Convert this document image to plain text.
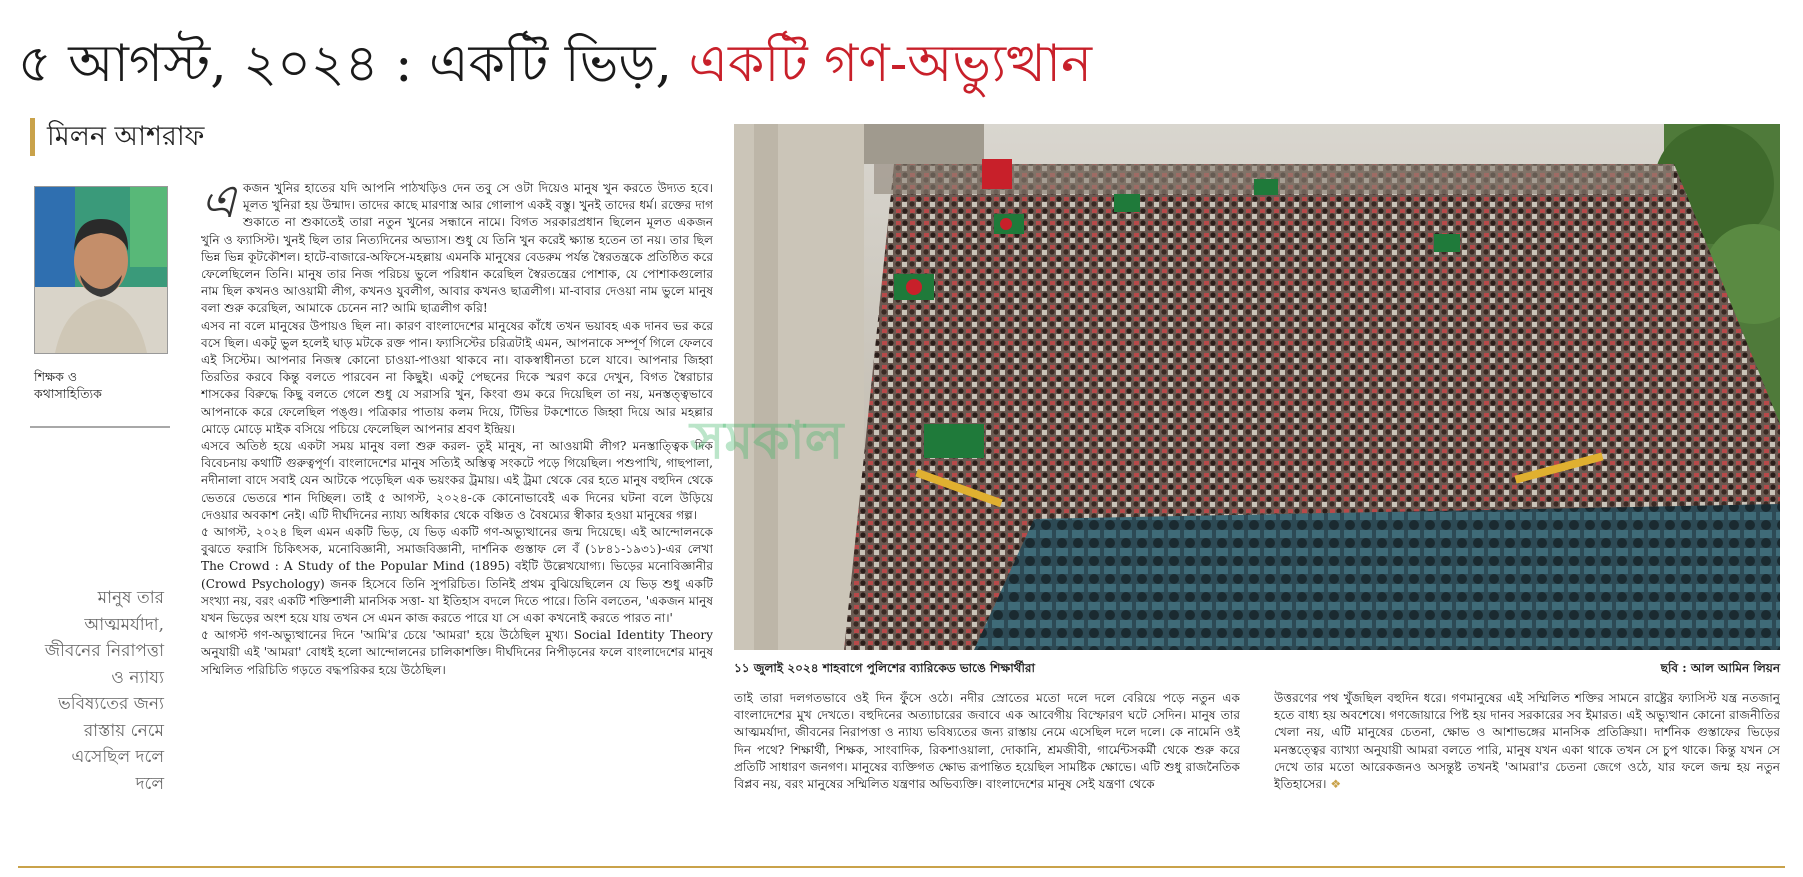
৫ আগস্ট, ২০২৪ : একটি ভিড়, একটি গণ-অভ্যুত্থান
মিলন আশরাফ
শিক্ষক ও
কথাসাহিত্যিক
মানুষ তার আত্মমর্যাদা, জীবনের নিরাপত্তা ও ন্যায্য ভবিষ্যতের জন্য রাস্তায় নেমে এসেছিল দলে দলে

একজন খুনির হাতের যদি আপনি পাঠখড়িও দেন তবু সে ওটা দিয়েও মানুষ খুন করতে উদ্যত হবে। মূলত খুনিরা হয় উন্মাদ। তাদের কাছে মারণাস্ত্র আর গোলাপ একই বস্তু। খুনই তাদের ধর্ম। রক্তের দাগ শুকাতে না শুকাতেই তারা নতুন খুনের সন্ধানে নামে। বিগত সরকারপ্রধান ছিলেন মূলত একজন খুনি ও ফ্যাসিস্ট। খুনই ছিল তার নিত্যদিনের অভ্যাস। শুধু যে তিনি খুন করেই ক্ষ্যান্ত হতেন তা নয়। তার ছিল ভিন্ন ভিন্ন কূটকৌশল। হাটে-বাজারে-অফিসে-মহল্লায় এমনকি মানুষের বেডরুম পর্যন্ত স্বৈরতন্ত্রকে প্রতিষ্ঠিত করে ফেলেছিলেন তিনি। মানুষ তার নিজ পরিচয় ভুলে পরিধান করেছিল স্বৈরতন্ত্রের পোশাক, যে পোশাকগুলোর নাম ছিল কখনও আওয়ামী লীগ, কখনও যুবলীগ, আবার কখনও ছাত্রলীগ। মা-বাবার দেওয়া নাম ভুলে মানুষ বলা শুরু করেছিল, আমাকে চেনেন না? আমি ছাত্রলীগ করি!

এসব না বলে মানুষের উপায়ও ছিল না। কারণ বাংলাদেশের মানুষের কাঁধে তখন ভয়াবহ এক দানব ভর করে বসে ছিল। একটু ভুল হলেই ঘাড় মটকে রক্ত পান। ফ্যাসিস্টের চরিত্রটাই এমন, আপনাকে সম্পূর্ণ গিলে ফেলবে এই সিস্টেম। আপনার নিজস্ব কোনো চাওয়া-পাওয়া থাকবে না। বাকস্বাধীনতা চলে যাবে। আপনার জিহ্বা তিরতির করবে কিন্তু বলতে পারবেন না কিছুই। একটু পেছনের দিকে স্মরণ করে দেখুন, বিগত স্বৈরাচার শাসকের বিরুদ্ধে কিছু বলতে গেলে শুধু যে সরাসরি খুন, কিংবা গুম করে দিয়েছিল তা নয়, মনস্তত্ত্বভাবে আপনাকে করে ফেলেছিল পঙ্গু। পত্রিকার পাতায় কলম দিয়ে, টিভির টকশোতে জিহ্বা দিয়ে আর মহল্লার মোড়ে মোড়ে মাইক বসিয়ে পচিয়ে ফেলেছিল আপনার শ্রবণ ইন্দ্রিয়।

এসবে অতিষ্ঠ হয়ে একটা সময় মানুষ বলা শুরু করল- তুই মানুষ, না আওয়ামী লীগ? মনস্তাত্ত্বিক দিক বিবেচনায় কথাটি গুরুত্বপূর্ণ। বাংলাদেশের মানুষ সত্যিই অস্তিত্ব সংকটে পড়ে গিয়েছিল। পশুপাখি, গাছপালা, নদীনালা বাদে সবাই যেন আটকে পড়েছিল এক ভয়ংকর ট্রমায়। এই ট্রমা থেকে বের হতে মানুষ বহুদিন থেকে ভেতরে ভেতরে শান দিচ্ছিল। তাই ৫ আগস্ট, ২০২৪-কে কোনোভাবেই এক দিনের ঘটনা বলে উড়িয়ে দেওয়ার অবকাশ নেই। এটি দীর্ঘদিনের ন্যায্য অধিকার থেকে বঞ্চিত ও বৈষম্যের স্বীকার হওয়া মানুষের গল্প।

৫ আগস্ট, ২০২৪ ছিল এমন একটি ভিড়, যে ভিড় একটি গণ-অভ্যুত্থানের জন্ম দিয়েছে। এই আন্দোলনকে বুঝতে ফরাসি চিকিৎসক, মনোবিজ্ঞানী, সমাজবিজ্ঞানী, দার্শনিক গুস্তাফ লে বঁ (১৮৪১-১৯৩১)-এর লেখা The Crowd : A Study of the Popular Mind (1895) বইটি উল্লেখযোগ্য। ভিড়ের মনোবিজ্ঞানীর (Crowd Psychology) জনক হিসেবে তিনি সুপরিচিত। তিনিই প্রথম বুঝিয়েছিলেন যে ভিড় শুধু একটি সংখ্যা নয়, বরং একটি শক্তিশালী মানসিক সত্তা- যা ইতিহাস বদলে দিতে পারে। তিনি বলতেন, 'একজন মানুষ যখন ভিড়ের অংশ হয়ে যায় তখন সে এমন কাজ করতে পারে যা সে একা কখনোই করতে পারত না।'

৫ আগস্ট গণ-অভ্যুত্থানের দিনে 'আমি'র চেয়ে 'আমরা' হয়ে উঠেছিল মুখ্য। Social Identity Theory অনুযায়ী এই 'আমরা' বোধই হলো আন্দোলনের চালিকাশক্তি। দীর্ঘদিনের নিপীড়নের ফলে বাংলাদেশের মানুষ সম্মিলিত পরিচিতি গড়তে বদ্ধপরিকর হয়ে উঠেছিল।

সমকাল
১১ জুলাই ২০২৪ শাহবাগে পুলিশের ব্যারিকেড ভাঙে শিক্ষার্থীরা	ছবি : আল আমিন লিয়ন
তাই তারা দলগতভাবে ওই দিন ফুঁসে ওঠে। নদীর স্রোতের মতো দলে দলে বেরিয়ে পড়ে নতুন এক বাংলাদেশের মুখ দেখতে। বহুদিনের অত্যাচারের জবাবে এক আবেগীয় বিস্ফোরণ ঘটে সেদিন। মানুষ তার আত্মমর্যাদা, জীবনের নিরাপত্তা ও ন্যায্য ভবিষ্যতের জন্য রাস্তায় নেমে এসেছিল দলে দলে। কে নামেনি ওই দিন পথে? শিক্ষার্থী, শিক্ষক, সাংবাদিক, রিকশাওয়ালা, দোকানি, শ্রমজীবী, গার্মেন্টসকর্মী থেকে শুরু করে প্রতিটি সাধারণ জনগণ। মানুষের ব্যক্তিগত ক্ষোভ রূপান্তিত হয়েছিল সামষ্টিক ক্ষোভে। এটি শুধু রাজনৈতিক বিপ্লব নয়, বরং মানুষের সম্মিলিত যন্ত্রণার অভিব্যক্তি। বাংলাদেশের মানুষ সেই যন্ত্রণা থেকে
উত্তরণের পথ খুঁজছিল বহুদিন ধরে। গণমানুষের এই সম্মিলিত শক্তির সামনে রাষ্ট্রের ফ্যাসিস্ট যন্ত্র নতজানু হতে বাধ্য হয় অবশেষে। গণজোয়ারে পিষ্ট হয় দানব সরকারের সব ইমারত। এই অভ্যুত্থান কোনো রাজনীতির খেলা নয়, এটি মানুষের চেতনা, ক্ষোভ ও আশাভঙ্গের মানসিক প্রতিক্রিয়া। দার্শনিক গুস্তাফের ভিড়ের মনস্তত্ত্বের ব্যাখ্যা অনুযায়ী আমরা বলতে পারি, মানুষ যখন একা থাকে তখন সে চুপ থাকে। কিন্তু যখন সে দেখে তার মতো আরেকজনও অসন্তুষ্ট তখনই 'আমরা'র চেতনা জেগে ওঠে, যার ফলে জন্ম হয় নতুন ইতিহাসের। ❖
